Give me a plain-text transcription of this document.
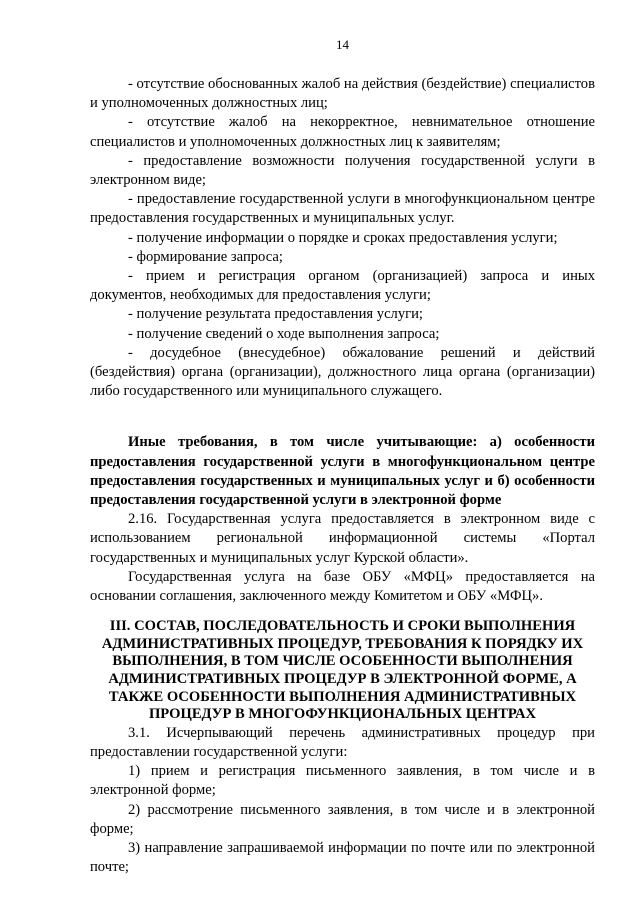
14

- отсутствие обоснованных жалоб на действия (бездействие) специалистов и уполномоченных должностных лиц;

- отсутствие жалоб на некорректное, невнимательное отношение специалистов и уполномоченных должностных лиц к заявителям;

- предоставление возможности получения государственной услуги в электронном виде;

- предоставление государственной услуги в многофункциональном центре предоставления государственных и муниципальных услуг.

- получение информации о порядке и сроках предоставления услуги;

- формирование запроса;

- прием и регистрация органом (организацией) запроса и иных документов, необходимых для предоставления услуги;

- получение результата предоставления услуги;

- получение сведений о ходе выполнения запроса;

- досудебное (внесудебное) обжалование решений и действий (бездействия) органа (организации), должностного лица органа (организации) либо государственного или муниципального служащего.

Иные требования, в том числе учитывающие: а) особенности предоставления государственной услуги в многофункциональном центре предоставления государственных и муниципальных услуг и б) особенности предоставления государственной услуги в электронной форме

2.16. Государственная услуга предоставляется в электронном виде с использованием региональной информационной системы «Портал государственных и муниципальных услуг Курской области».

Государственная услуга на базе ОБУ «МФЦ» предоставляется на основании соглашения, заключенного между Комитетом и ОБУ «МФЦ».

III. СОСТАВ, ПОСЛЕДОВАТЕЛЬНОСТЬ И СРОКИ ВЫПОЛНЕНИЯ АДМИНИСТРАТИВНЫХ ПРОЦЕДУР, ТРЕБОВАНИЯ К ПОРЯДКУ ИХ ВЫПОЛНЕНИЯ, В ТОМ ЧИСЛЕ ОСОБЕННОСТИ ВЫПОЛНЕНИЯ АДМИНИСТРАТИВНЫХ ПРОЦЕДУР В ЭЛЕКТРОННОЙ ФОРМЕ, А ТАКЖЕ ОСОБЕННОСТИ ВЫПОЛНЕНИЯ АДМИНИСТРАТИВНЫХ ПРОЦЕДУР В МНОГОФУНКЦИОНАЛЬНЫХ ЦЕНТРАХ

3.1. Исчерпывающий перечень административных процедур при предоставлении государственной услуги:

1) прием и регистрация письменного заявления, в том числе и в электронной форме;

2) рассмотрение письменного заявления, в том числе и в электронной форме;

3) направление запрашиваемой информации по почте или по электронной почте;
